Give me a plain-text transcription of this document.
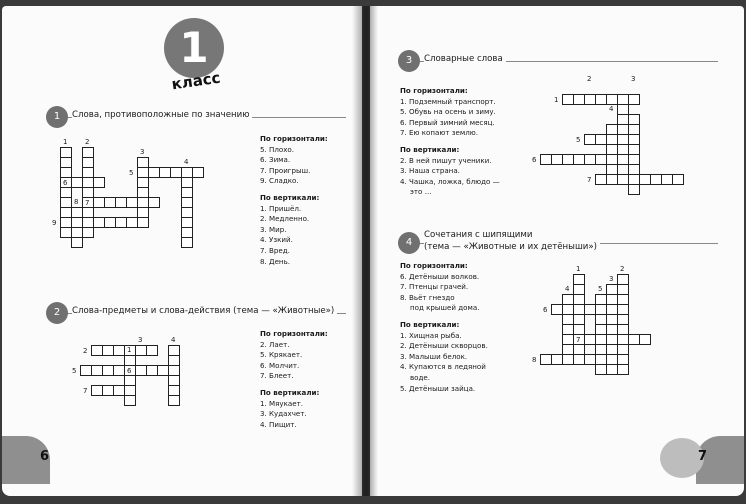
1
класс
1	Слова, противоположные по значению
По горизонтали:
5. Плохо.
6. Зима.
7. Проигрыш.
9. Сладко.
По вертикали:
1. Пришёл.
2. Медленно.
3. Мир.
4. Узкий.
7. Вред.
8. День.
1	2
3
4
5
6
7
8
9
2	Слова-предметы и слова-действия (тема — «Животные»)
По горизонтали:
2. Лает.
5. Крякает.
6. Молчит.
7. Блеет.
По вертикали:
1. Мяукает.
3. Кудахчет.
4. Пищит.
1
2
3	4
5	6
7
6
3	Словарные слова
По горизонтали:
1. Подземный транспорт.
5. Обувь на осень и зиму.
6. Первый зимний месяц.
7. Ею копают землю.
По вертикали:
2. В ней пишут ученики.
3. Наша страна.
4. Чашка, ложка, блюдо —
это …
1
2	3
4
5
6
7
4
Сочетания с шипящими
(тема — «Животные и их детёныши»)
По горизонтали:
6. Детёныши волков.
7. Птенцы грачей.
8. Вьёт гнездо
под крышей дома.
По вертикали:
1. Хищная рыба.
2. Детёныши скворцов.
3. Малыши белок.
4. Купаются в ледяной
воде.
5. Детёныши зайца.
1	2
3
4	5
6
7
8
7
